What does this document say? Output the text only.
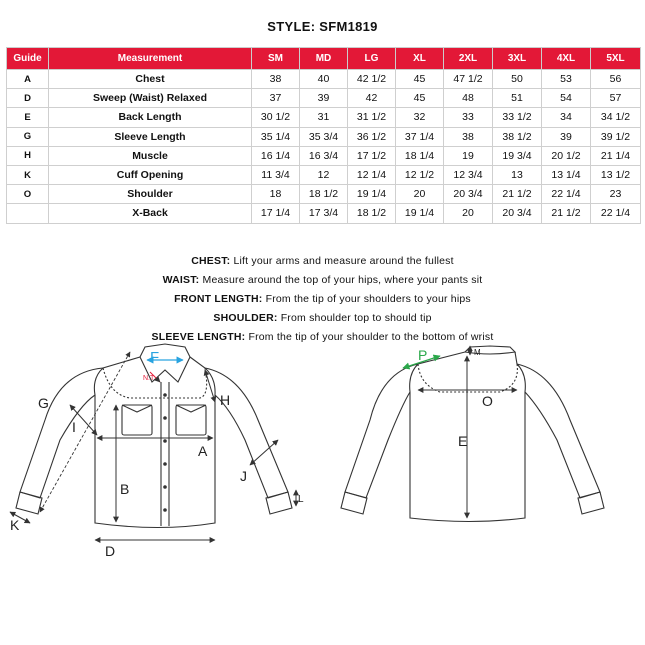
STYLE: SFM1819
Guide	Measurement	SM	MD	LG	XL	2XL	3XL	4XL	5XL
A	Chest	38	40	42 1/2	45	47 1/2	50	53	56
D	Sweep (Waist) Relaxed	37	39	42	45	48	51	54	57
E	Back Length	30 1/2	31	31 1/2	32	33	33 1/2	34	34 1/2
G	Sleeve Length	35 1/4	35 3/4	36 1/2	37 1/4	38	38 1/2	39	39 1/2
H	Muscle	16 1/4	16 3/4	17 1/2	18 1/4	19	19 3/4	20 1/2	21 1/4
K	Cuff Opening	11 3/4	12	12 1/4	12 1/2	12 3/4	13	13 1/4	13 1/2
O	Shoulder	18	18 1/2	19 1/4	20	20 3/4	21 1/2	22 1/4	23
	X-Back	17 1/4	17 3/4	18 1/2	19 1/4	20	20 3/4	21 1/2	22 1/4
CHEST: Lift your arms and measure around the fullest
WAIST: Measure around the top of your hips, where your pants sit
FRONT LENGTH: From the tip of your shoulders to your hips
SHOULDER: From shoulder top to should tip
SLEEVE LENGTH: From the tip of your shoulder to the bottom of wrist
F
N.T
G
I
H
A
J
B
L
K
D
P	M
O
E
